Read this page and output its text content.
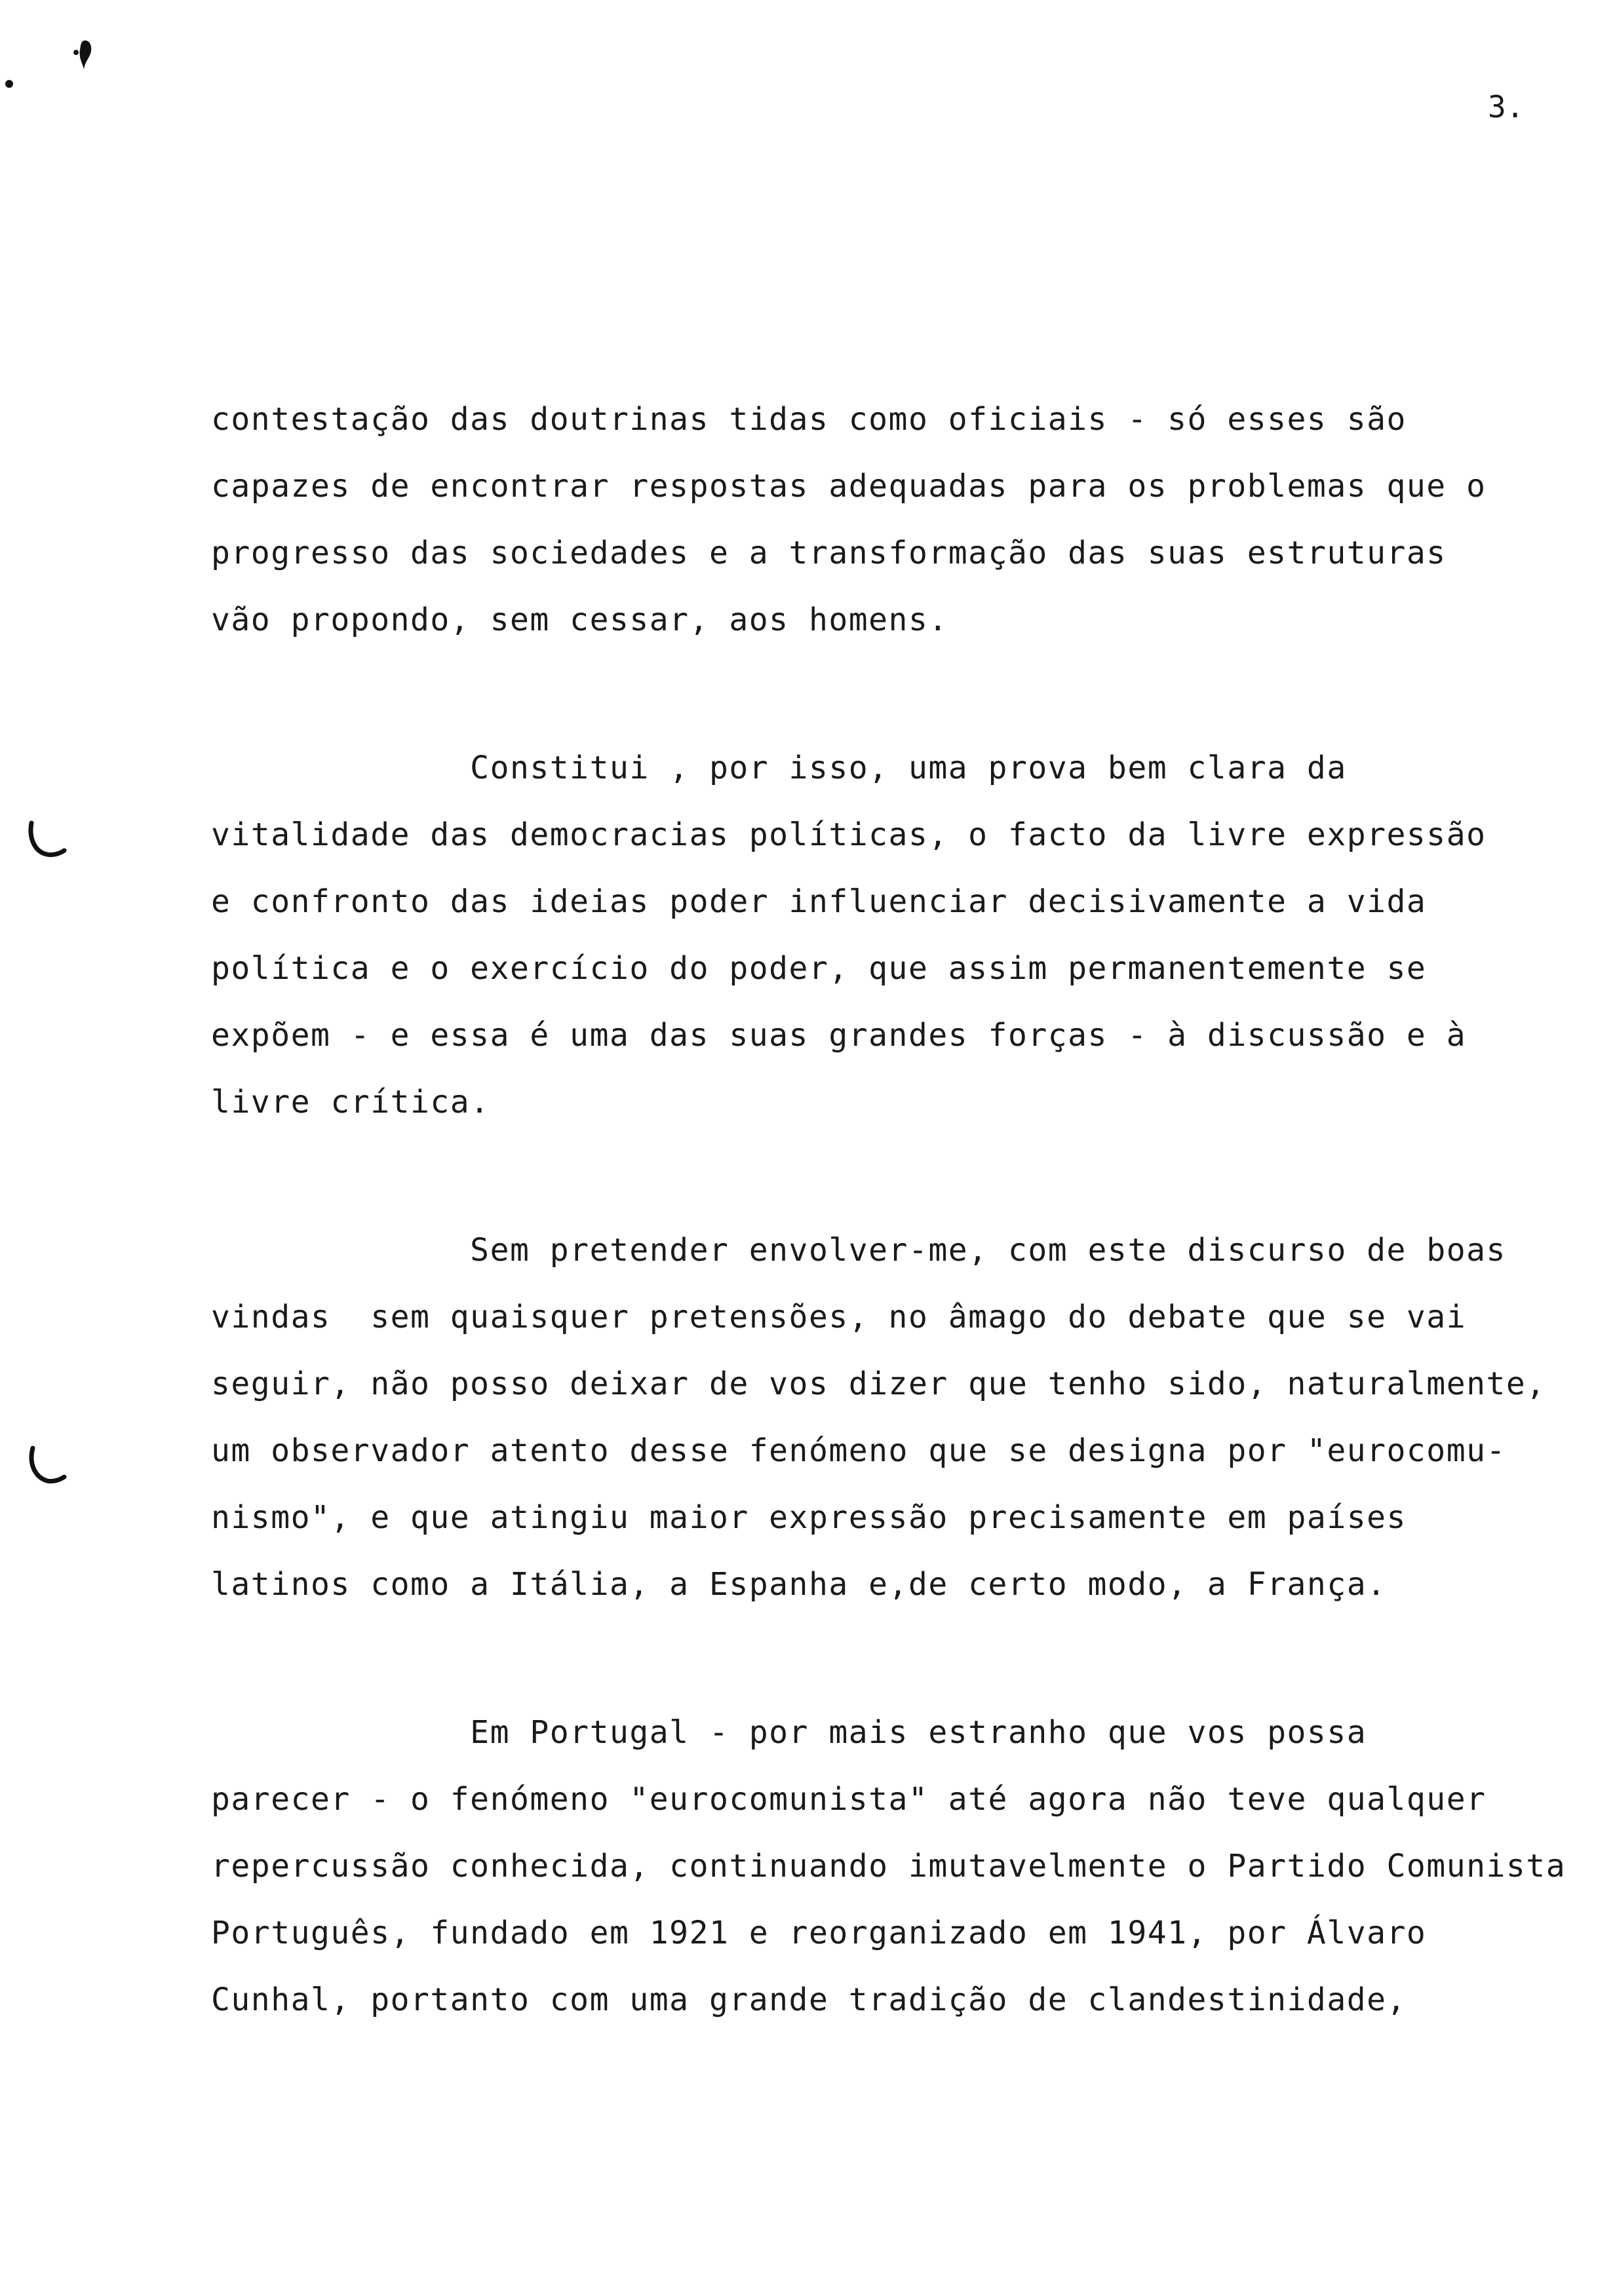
3.
contestação das doutrinas tidas como oficiais - só esses são
capazes de encontrar respostas adequadas para os problemas que o
progresso das sociedades e a transformação das suas estruturas
vão propondo, sem cessar, aos homens.
Constitui , por isso, uma prova bem clara da
vitalidade das democracias políticas, o facto da livre expressão
e confronto das ideias poder influenciar decisivamente a vida
política e o exercício do poder, que assim permanentemente se
expõem - e essa é uma das suas grandes forças - à discussão e à
livre crítica.
Sem pretender envolver-me, com este discurso de boas
vindas  sem quaisquer pretensões, no âmago do debate que se vai
seguir, não posso deixar de vos dizer que tenho sido, naturalmente,
um observador atento desse fenómeno que se designa por "eurocomu-
nismo", e que atingiu maior expressão precisamente em países
latinos como a Itália, a Espanha e,de certo modo, a França.
Em Portugal - por mais estranho que vos possa
parecer - o fenómeno "eurocomunista" até agora não teve qualquer
repercussão conhecida, continuando imutavelmente o Partido Comunista
Português, fundado em 1921 e reorganizado em 1941, por Álvaro
Cunhal, portanto com uma grande tradição de clandestinidade,
